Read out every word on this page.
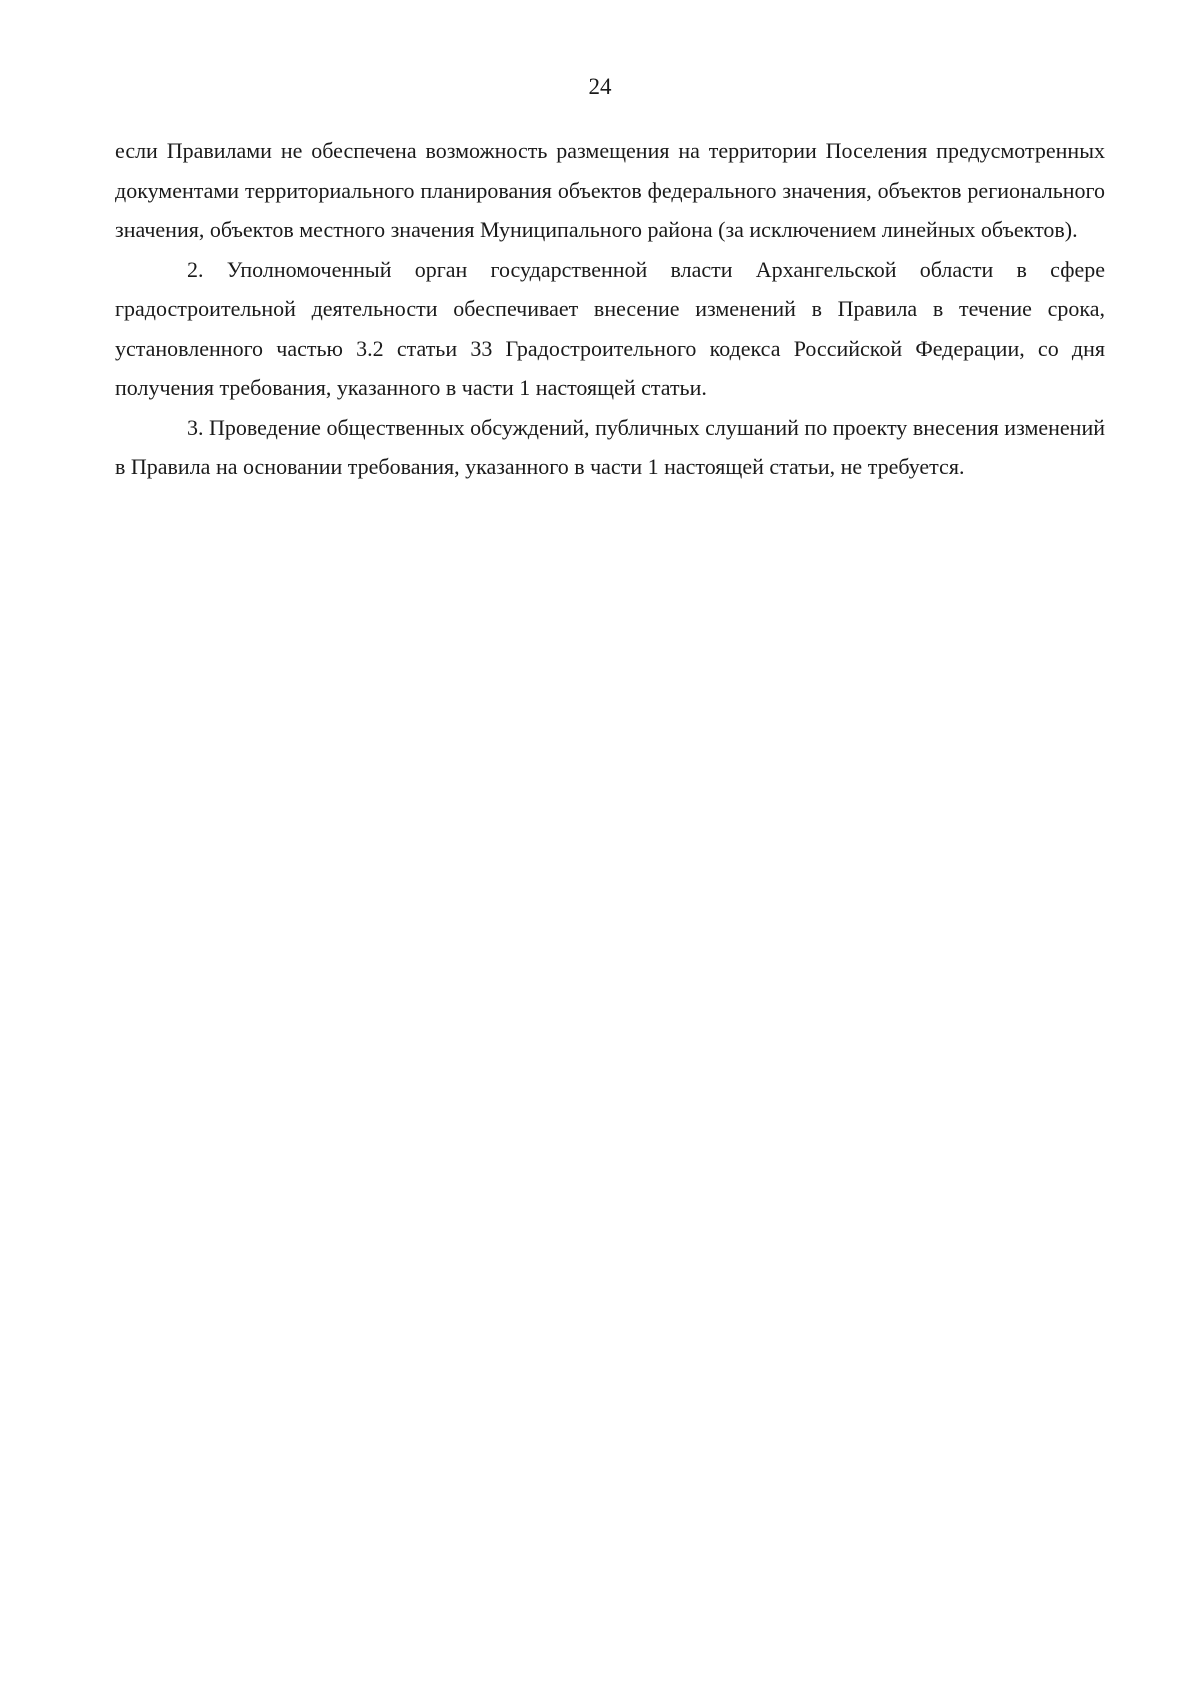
24

если Правилами не обеспечена возможность размещения на территории Поселения предусмотренных документами территориального планирования объектов федерального значения, объектов регионального значения, объектов местного значения Муниципального района (за исключением линейных объектов).

2. Уполномоченный орган государственной власти Архангельской области в сфере градостроительной деятельности обеспечивает внесение изменений в Правила в течение срока, установленного частью 3.2 статьи 33 Градостроительного кодекса Российской Федерации, со дня получения требования, указанного в части 1 настоящей статьи.

3. Проведение общественных обсуждений, публичных слушаний по проекту внесения изменений в Правила на основании требования, указанного в части 1 настоящей статьи, не требуется.
